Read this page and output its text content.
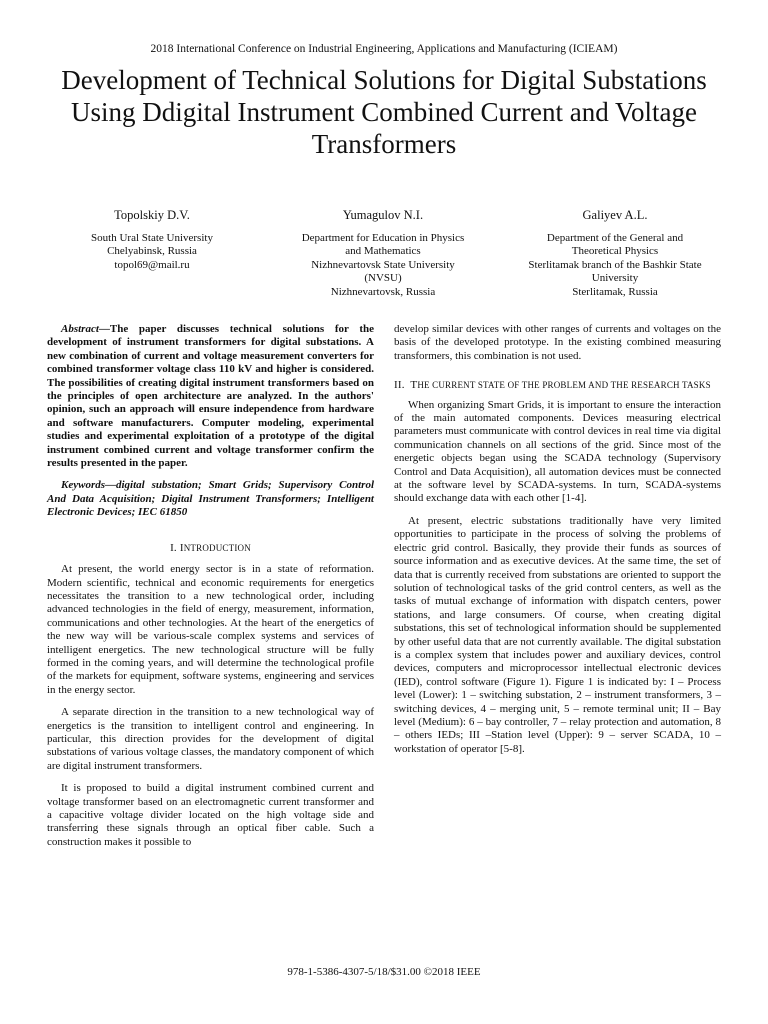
2018 International Conference on Industrial Engineering, Applications and Manufacturing (ICIEAM)
Development of Technical Solutions for Digital Substations Using Ddigital Instrument Combined Current and Voltage Transformers
Topolskiy D.V.
South Ural State University
Chelyabinsk, Russia
topol69@mail.ru
Yumagulov N.I.
Department for Education in Physics
and Mathematics
Nizhnevartovsk State University
(NVSU)
Nizhnevartovsk, Russia
Galiyev A.L.
Department of the General and
Theoretical Physics
Sterlitamak branch of the Bashkir State
University
Sterlitamak, Russia

Abstract—The paper discusses technical solutions for the development of instrument transformers for digital substations. A new combination of current and voltage measurement converters for combined transformer voltage class 110 kV and higher is considered. The possibilities of creating digital instrument transformers based on the principles of open architecture are analyzed. In the authors' opinion, such an approach will ensure independence from hardware and software manufacturers. Computer modeling, experimental studies and experimental exploitation of a prototype of the digital instrument combined current and voltage transformer confirm the results presented in the paper.

Keywords—digital substation; Smart Grids; Supervisory Control And Data Acquisition; Digital Instrument Transformers; Intelligent Electronic Devices; IEC 61850

I. INTRODUCTION

At present, the world energy sector is in a state of reformation. Modern scientific, technical and economic requirements for energetics necessitates the transition to a new technological order, including advanced technologies in the field of energy, measurement, information, communications and other technologies. At the heart of the energetics of the new way will be various-scale complex systems and services of intelligent energetics. The new technological structure will be fully formed in the coming years, and will determine the technological profile of the markets for equipment, software systems, engineering and services in the energy sector.

A separate direction in the transition to a new technological way of energetics is the transition to intelligent control and engineering. In particular, this direction provides for the development of digital substations of various voltage classes, the mandatory component of which are digital instrument transformers.

It is proposed to build a digital instrument combined current and voltage transformer based on an electromagnetic current transformer and a capacitive voltage divider located on the high voltage side and transferring these signals through an optical fiber cable. Such a construction makes it possible to

develop similar devices with other ranges of currents and voltages on the basis of the developed prototype. In the existing combined measuring transformers, this combination is not used.

II. THE CURRENT STATE OF THE PROBLEM AND THE RESEARCH TASKS

When organizing Smart Grids, it is important to ensure the interaction of the main automated components. Devices measuring electrical parameters must communicate with control devices in real time via digital communication channels on all sections of the grid. Since most of the energetic objects began using the SCADA technology (Supervisory Control and Data Acquisition), all automation devices must be connected at the software level by SCADA-systems. In turn, SCADA-systems should exchange data with each other [1-4].

At present, electric substations traditionally have very limited opportunities to participate in the process of solving the problems of electric grid control. Basically, they provide their funds as sources of source information and as executive devices. At the same time, the set of data that is currently received from substations are oriented to support the solution of technological tasks of the grid control centers, as well as the tasks of mutual exchange of information with dispatch centers, power stations, and large consumers. Of course, when creating digital substations, this set of technological information should be supplemented by other useful data that are not currently available. The digital substation is a complex system that includes power and auxiliary devices, control devices, computers and microprocessor intellectual electronic devices (IED), control software (Figure 1). Figure 1 is indicated by: I – Process level (Lower): 1 – switching substation, 2 – instrument transformers, 3 – switching devices, 4 – merging unit, 5 – remote terminal unit; II – Bay level (Medium): 6 – bay controller, 7 – relay protection and automation, 8 – others IEDs; III –Station level (Upper): 9 – server SCADA, 10 – workstation of operator [5-8].

978-1-5386-4307-5/18/$31.00 ©2018 IEEE
